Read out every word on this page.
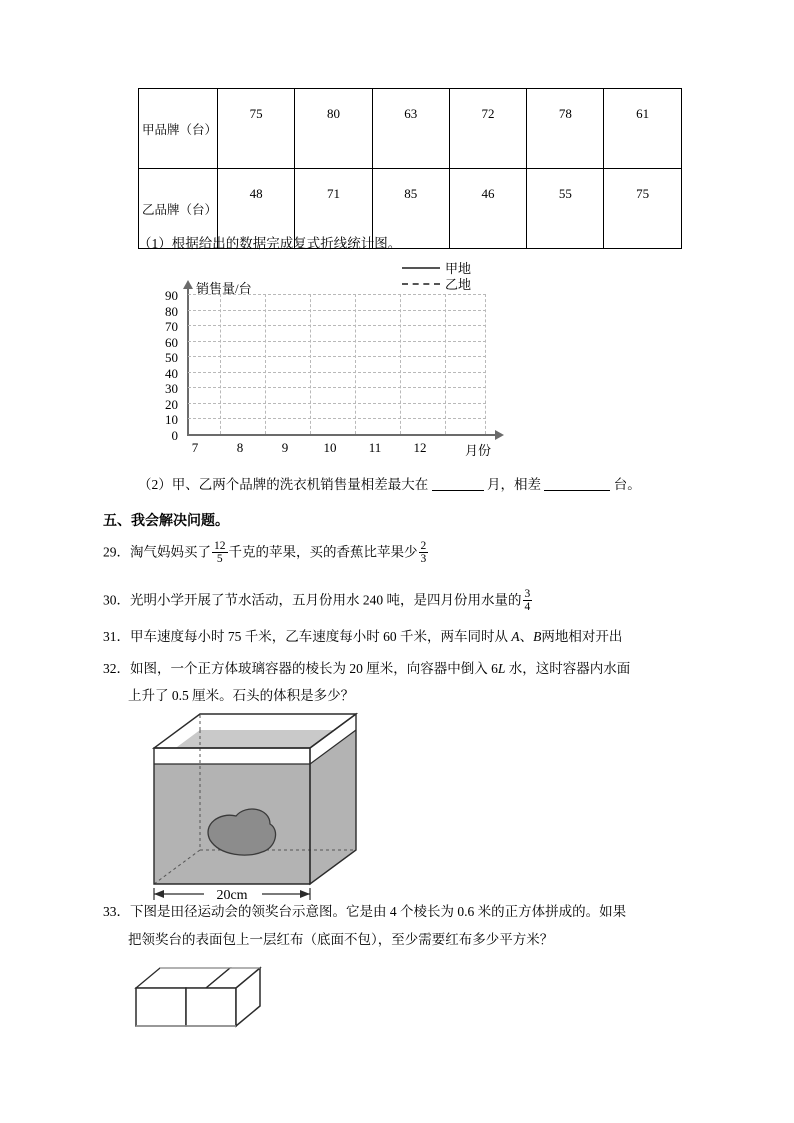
甲品牌（台）	75	80	63	72	78	61

乙品牌（台）	48	71	85	46	55	75
（1）根据给出的数据完成复式折线统计图。
销售量/台
月份
90
80
70
60
50
40
30
20
10
0
7	8	9	10	11	12
甲地
乙地
（2）甲、乙两个品牌的洗衣机销售量相差最大在	月，相差	台。
五、我会解决问题。
29．淘气妈妈买了 $\frac{12}{5}$ 千克的苹果，买的香蕉比苹果少 $\frac{2}{3}$
30．光明小学开展了节水活动，五月份用水 240 吨，是四月份用水量的 $\frac{3}{4}$
31．甲车速度每小时 75 千米，乙车速度每小时 60 千米，两车同时从 A、B两地相对开出
32．如图，一个正方体玻璃容器的棱长为 20 厘米，向容器中倒入 6L 水，这时容器内水面
上升了 0.5 厘米。石头的体积是多少？
20cm
33．下图是田径运动会的领奖台示意图。它是由 4 个棱长为 0.6 米的正方体拼成的。如果
把领奖台的表面包上一层红布（底面不包），至少需要红布多少平方米？
